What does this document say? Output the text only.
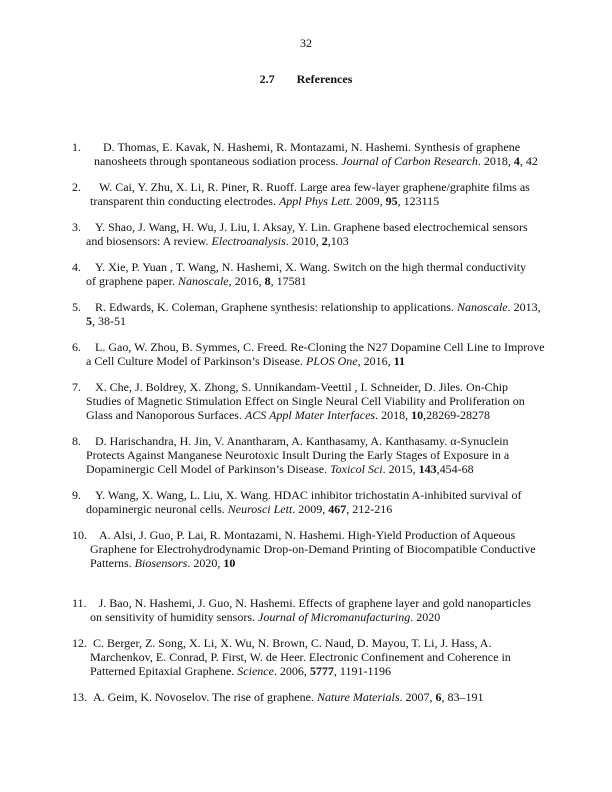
32
2.7 References
1. D. Thomas, E. Kavak, N. Hashemi, R. Montazami, N. Hashemi. Synthesis of graphene
nanosheets through spontaneous sodiation process. Journal of Carbon Research. 2018, 4, 42
2. W. Cai, Y. Zhu, X. Li, R. Piner, R. Ruoff. Large area few-layer graphene/graphite films as
transparent thin conducting electrodes. Appl Phys Lett. 2009, 95, 123115
3. Y. Shao, J. Wang, H. Wu, J. Liu, I. Aksay, Y. Lin. Graphene based electrochemical sensors
and biosensors: A review. Electroanalysis. 2010, 2,103
4. Y. Xie, P. Yuan , T. Wang, N. Hashemi, X. Wang. Switch on the high thermal conductivity
of graphene paper. Nanoscale, 2016, 8, 17581
5. R. Edwards, K. Coleman, Graphene synthesis: relationship to applications. Nanoscale. 2013,
5, 38-51
6. L. Gao, W. Zhou, B. Symmes, C. Freed. Re-Cloning the N27 Dopamine Cell Line to Improve
a Cell Culture Model of Parkinson’s Disease. PLOS One, 2016, 11
7. X. Che, J. Boldrey, X. Zhong, S. Unnikandam-Veettil , I. Schneider, D. Jiles. On-Chip
Studies of Magnetic Stimulation Effect on Single Neural Cell Viability and Proliferation on
Glass and Nanoporous Surfaces. ACS Appl Mater Interfaces. 2018, 10,28269-28278
8. D. Harischandra, H. Jin, V. Anantharam, A. Kanthasamy, A. Kanthasamy. α-Synuclein
Protects Against Manganese Neurotoxic Insult During the Early Stages of Exposure in a
Dopaminergic Cell Model of Parkinson’s Disease. Toxicol Sci. 2015, 143,454-68
9. Y. Wang, X. Wang, L. Liu, X. Wang. HDAC inhibitor trichostatin A-inhibited survival of
dopaminergic neuronal cells. Neurosci Lett. 2009, 467, 212-216
10. A. Alsi, J. Guo, P. Lai, R. Montazami, N. Hashemi. High-Yield Production of Aqueous
Graphene for Electrohydrodynamic Drop-on-Demand Printing of Biocompatible Conductive
Patterns. Biosensors. 2020, 10
11. J. Bao, N. Hashemi, J. Guo, N. Hashemi. Effects of graphene layer and gold nanoparticles
on sensitivity of humidity sensors. Journal of Micromanufacturing. 2020
12. C. Berger, Z. Song, X. Li, X. Wu, N. Brown, C. Naud, D. Mayou, T. Li, J. Hass, A.
Marchenkov, E. Conrad, P. First, W. de Heer. Electronic Confinement and Coherence in
Patterned Epitaxial Graphene. Science. 2006, 5777, 1191-1196
13. A. Geim, K. Novoselov. The rise of graphene. Nature Materials. 2007, 6, 83–191
